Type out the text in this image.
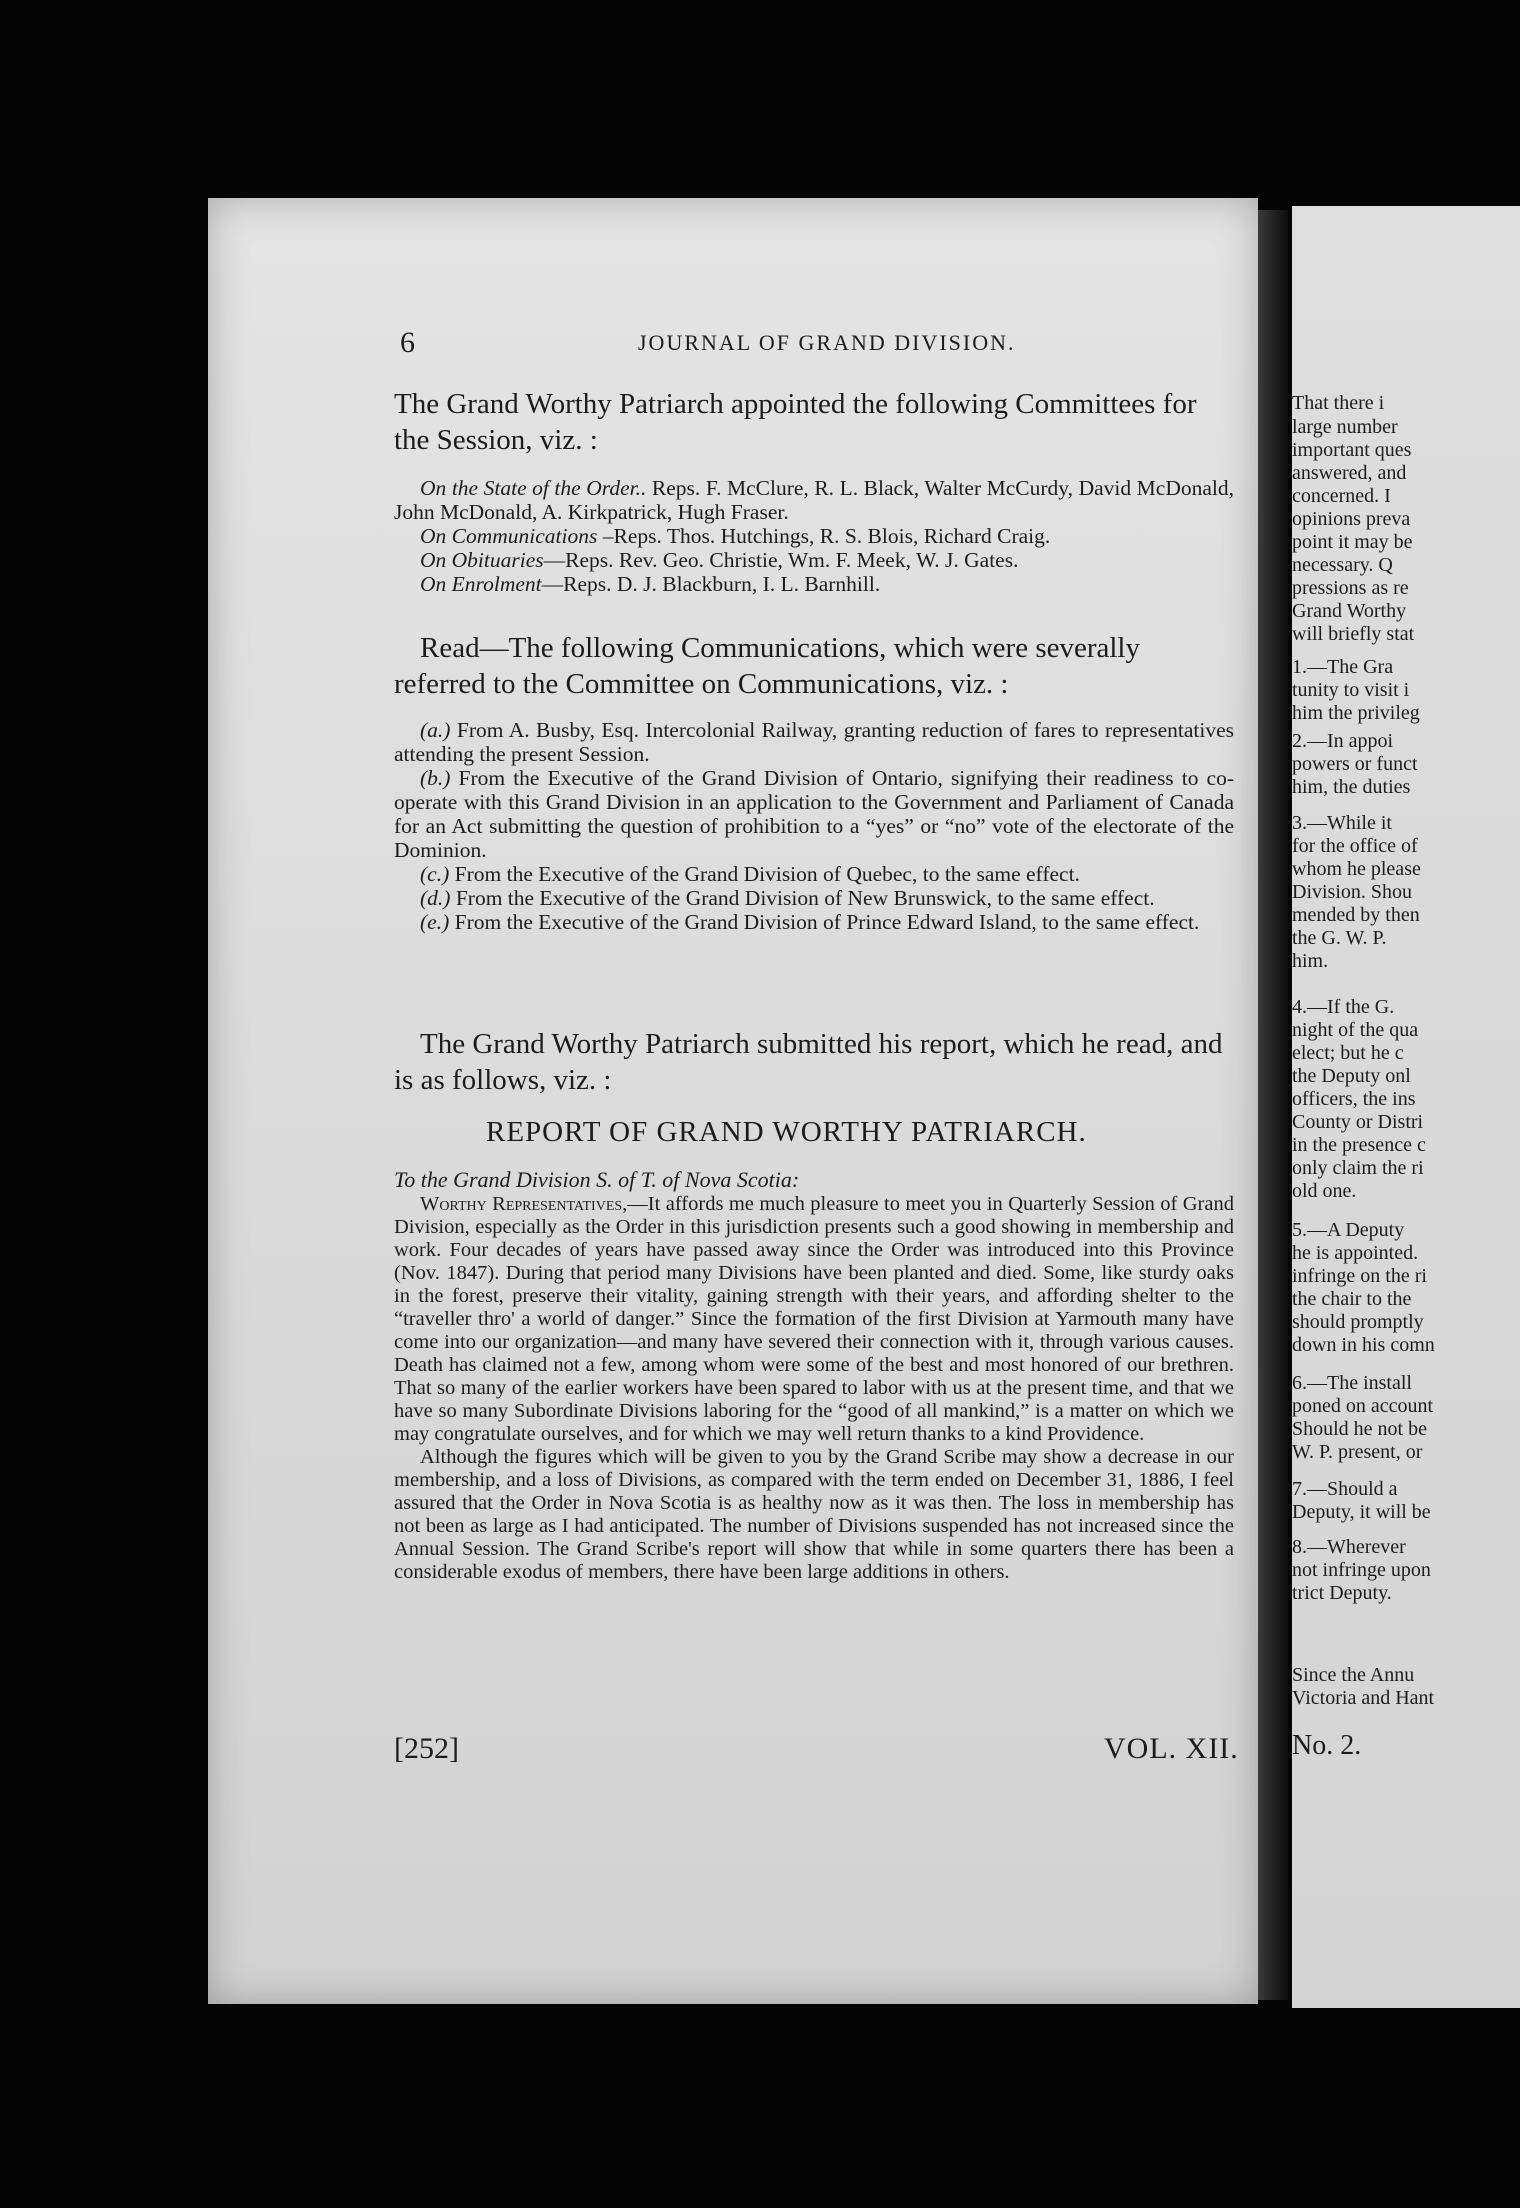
That there i
large number
important ques
answered, and
concerned. I
opinions preva
point it may be
necessary. Q
pressions as re
Grand Worthy
will briefly stat
1.—The Gra
tunity to visit i
him the privileg
2.—In appoi
powers or funct
him, the duties
3.—While it
for the office of
whom he please
Division. Shou
mended by then
the G. W. P.
him.
4.—If the G.
night of the qua
elect; but he c
the Deputy onl
officers, the ins
County or Distri
in the presence c
only claim the ri
old one.
5.—A Deputy
he is appointed.
infringe on the ri
the chair to the
should promptly
down in his comn
6.—The install
poned on account
Should he not be
W. P. present, or
7.—Should a
Deputy, it will be
8.—Wherever
not infringe upon
trict Deputy.
Since the Annu
Victoria and Hant
No. 2.
6	JOURNAL OF GRAND DIVISION.

The Grand Worthy Patriarch appointed the following Committees for the Session, viz. :

On the State of the Order.. Reps. F. McClure, R. L. Black, Walter McCurdy, David McDonald, John McDonald, A. Kirkpatrick, Hugh Fraser.

On Communications –Reps. Thos. Hutchings, R. S. Blois, Richard Craig.

On Obituaries—Reps. Rev. Geo. Christie, Wm. F. Meek, W. J. Gates.

On Enrolment—Reps. D. J. Blackburn, I. L. Barnhill.

Read—The following Communications, which were severally referred to the Committee on Communications, viz. :

(a.) From A. Busby, Esq. Intercolonial Railway, granting reduction of fares to representatives attending the present Session.

(b.) From the Executive of the Grand Division of Ontario, signifying their readiness to co-operate with this Grand Division in an application to the Government and Parliament of Canada for an Act submitting the question of prohibition to a “yes” or “no” vote of the electorate of the Dominion.

(c.) From the Executive of the Grand Division of Quebec, to the same effect.

(d.) From the Executive of the Grand Division of New Brunswick, to the same effect.

(e.) From the Executive of the Grand Division of Prince Edward Island, to the same effect.

The Grand Worthy Patriarch submitted his report, which he read, and is as follows, viz. :

REPORT OF GRAND WORTHY PATRIARCH.

To the Grand Division S. of T. of Nova Scotia:

Worthy Representatives,—It affords me much pleasure to meet you in Quarterly Session of Grand Division, especially as the Order in this jurisdiction presents such a good showing in membership and work. Four decades of years have passed away since the Order was introduced into this Province (Nov. 1847). During that period many Divisions have been planted and died. Some, like sturdy oaks in the forest, preserve their vitality, gaining strength with their years, and affording shelter to the “traveller thro' a world of danger.” Since the formation of the first Division at Yarmouth many have come into our organization—and many have severed their connection with it, through various causes. Death has claimed not a few, among whom were some of the best and most honored of our brethren. That so many of the earlier workers have been spared to labor with us at the present time, and that we have so many Subordinate Divisions laboring for the “good of all mankind,” is a matter on which we may congratulate ourselves, and for which we may well return thanks to a kind Providence.

Although the figures which will be given to you by the Grand Scribe may show a decrease in our membership, and a loss of Divisions, as compared with the term ended on December 31, 1886, I feel assured that the Order in Nova Scotia is as healthy now as it was then. The loss in membership has not been as large as I had anticipated. The number of Divisions suspended has not increased since the Annual Session. The Grand Scribe's report will show that while in some quarters there has been a considerable exodus of members, there have been large additions in others.

[252]	VOL. XII.
